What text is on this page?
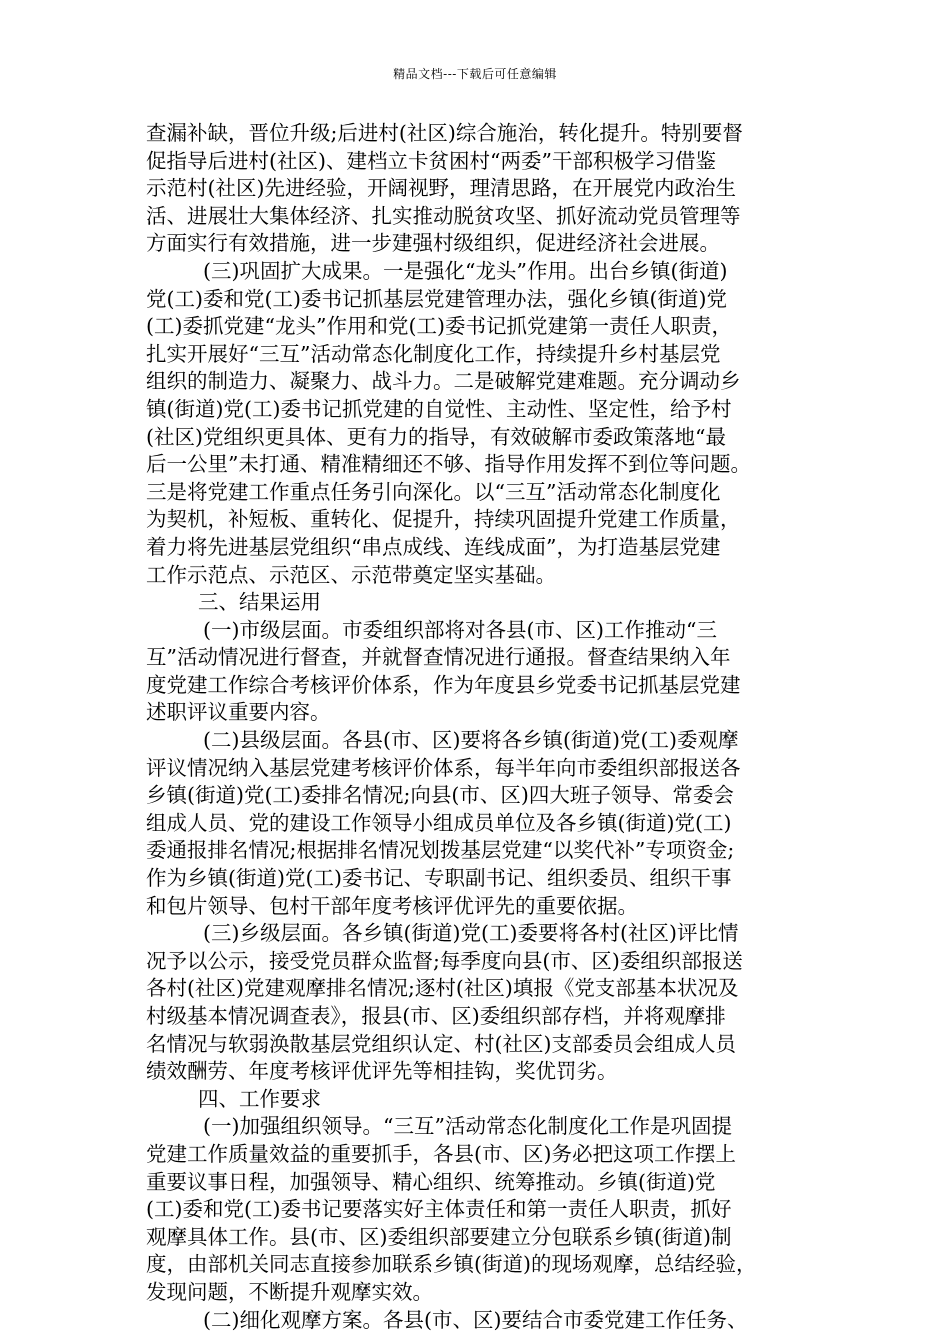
精品文档---下载后可任意编辑
查漏补缺，晋位升级;后进村(社区)综合施治，转化提升。特别要督
促指导后进村(社区)、建档立卡贫困村“两委”干部积极学习借鉴
示范村(社区)先进经验，开阔视野，理清思路，在开展党内政治生
活、进展壮大集体经济、扎实推动脱贫攻坚、抓好流动党员管理等
方面实行有效措施，进一步建强村级组织，促进经济社会进展。
(三)巩固扩大成果。一是强化“龙头”作用。出台乡镇(街道)
党(工)委和党(工)委书记抓基层党建管理办法，强化乡镇(街道)党
(工)委抓党建“龙头”作用和党(工)委书记抓党建第一责任人职责，
扎实开展好“三互”活动常态化制度化工作，持续提升乡村基层党
组织的制造力、凝聚力、战斗力。二是破解党建难题。充分调动乡
镇(街道)党(工)委书记抓党建的自觉性、主动性、坚定性，给予村
(社区)党组织更具体、更有力的指导，有效破解市委政策落地“最
后一公里”未打通、精准精细还不够、指导作用发挥不到位等问题。
三是将党建工作重点任务引向深化。以“三互”活动常态化制度化
为契机，补短板、重转化、促提升，持续巩固提升党建工作质量，
着力将先进基层党组织“串点成线、连线成面”，为打造基层党建
工作示范点、示范区、示范带奠定坚实基础。
三、结果运用
(一)市级层面。市委组织部将对各县(市、区)工作推动“三
互”活动情况进行督查，并就督查情况进行通报。督查结果纳入年
度党建工作综合考核评价体系，作为年度县乡党委书记抓基层党建
述职评议重要内容。
(二)县级层面。各县(市、区)要将各乡镇(街道)党(工)委观摩
评议情况纳入基层党建考核评价体系，每半年向市委组织部报送各
乡镇(街道)党(工)委排名情况;向县(市、区)四大班子领导、常委会
组成人员、党的建设工作领导小组成员单位及各乡镇(街道)党(工)
委通报排名情况;根据排名情况划拨基层党建“以奖代补”专项资金;
作为乡镇(街道)党(工)委书记、专职副书记、组织委员、组织干事
和包片领导、包村干部年度考核评优评先的重要依据。
(三)乡级层面。各乡镇(街道)党(工)委要将各村(社区)评比情
况予以公示，接受党员群众监督;每季度向县(市、区)委组织部报送
各村(社区)党建观摩排名情况;逐村(社区)填报《党支部基本状况及
村级基本情况调查表》，报县(市、区)委组织部存档，并将观摩排
名情况与软弱涣散基层党组织认定、村(社区)支部委员会组成人员
绩效酬劳、年度考核评优评先等相挂钩，奖优罚劣。
四、工作要求
(一)加强组织领导。“三互”活动常态化制度化工作是巩固提
党建工作质量效益的重要抓手，各县(市、区)务必把这项工作摆上
重要议事日程，加强领导、精心组织、统筹推动。乡镇(街道)党
(工)委和党(工)委书记要落实好主体责任和第一责任人职责，抓好
观摩具体工作。县(市、区)委组织部要建立分包联系乡镇(街道)制
度，由部机关同志直接参加联系乡镇(街道)的现场观摩，总结经验，
发现问题，不断提升观摩实效。
(二)细化观摩方案。各县(市、区)要结合市委党建工作任务、
